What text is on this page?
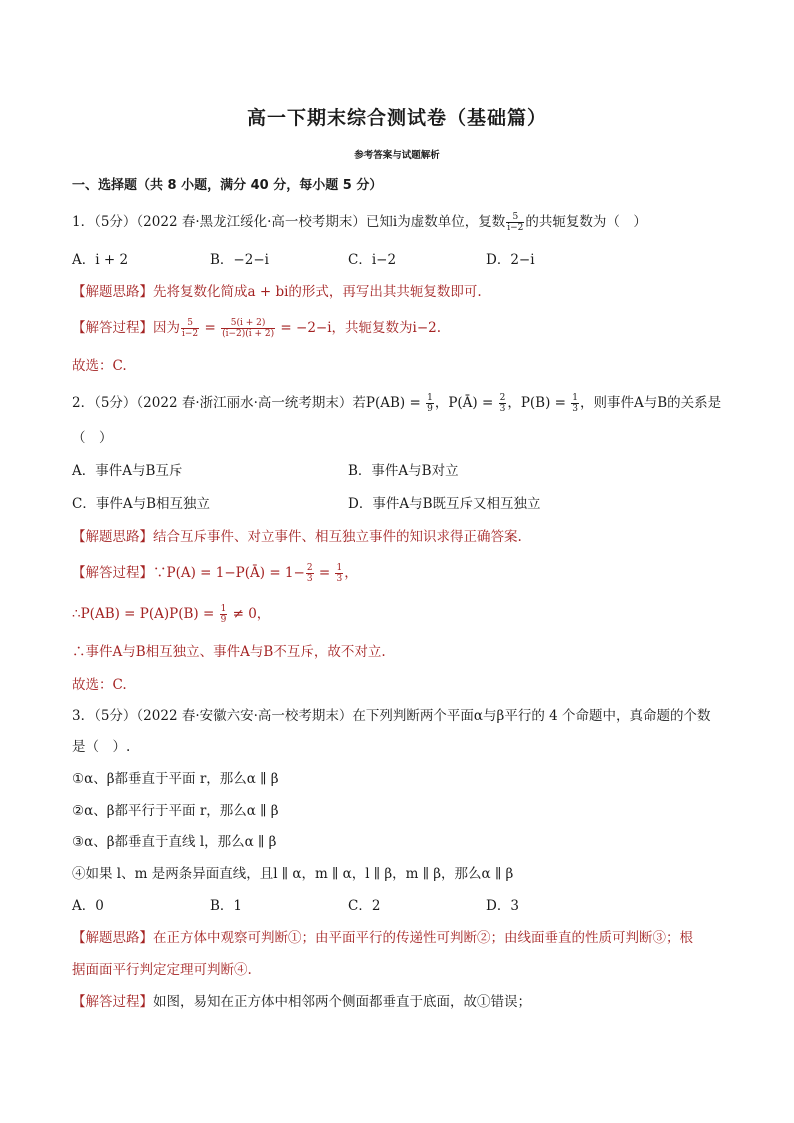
高一下期末综合测试卷（基础篇）
参考答案与试题解析
一、选择题（共 8 小题，满分 40 分，每小题 5 分）
1．（5分）（2022 春·黑龙江绥化·高一校考期末）已知i为虚数单位，复数 $\frac{5}{i-2}$ 的共轭复数为（　）
A．i + 2	B．−2−i	C．i−2	D．2−i
【解题思路】先将复数化简成a + bi的形式，再写出其共轭复数即可.
【解答过程】因为 $\frac{5}{i-2} = \frac{5(i + 2)}{(i-2)(i + 2)} = -2-i$，共轭复数为i−2.
故选：C.
2．（5分）（2022 春·浙江丽水·高一统考期末）若$P(AB) = \frac{1}{9}$ ，P(Ā) = $\frac{2}{3}$ ，$P(B) = \frac{1}{3}$ ，则事件A与B的关系是
（　）
A．事件A与B互斥	B．事件A与B对立
C．事件A与B相互独立	D．事件A与B既互斥又相互独立
【解题思路】结合互斥事件、对立事件、相互独立事件的知识求得正确答案.
【解答过程】∵P(A) = 1−P(Ā) = $1- \frac{2}{3} = \frac{1}{3}$ ，
∴P(AB) = $P(A)P(B) = \frac{1}{9} \ne 0$，
∴事件A与B相互独立、事件A与B不互斥，故不对立.
故选：C.
3．（5分）（2022 春·安徽六安·高一校考期末）在下列判断两个平面α与β平行的 4 个命题中，真命题的个数
是（　）.
①α、β都垂直于平面 r，那么α ∥ β
②α、β都平行于平面 r，那么α ∥ β
③α、β都垂直于直线 l，那么α ∥ β
④如果 l、m 是两条异面直线，且l ∥ α，m ∥ α，l ∥ β，m ∥ β，那么α ∥ β
A．0	B．1	C．2	D．3
【解题思路】在正方体中观察可判断①；由平面平行的传递性可判断②；由线面垂直的性质可判断③；根
据面面平行判定定理可判断④.
【解答过程】如图，易知在正方体中相邻两个侧面都垂直于底面，故①错误；
